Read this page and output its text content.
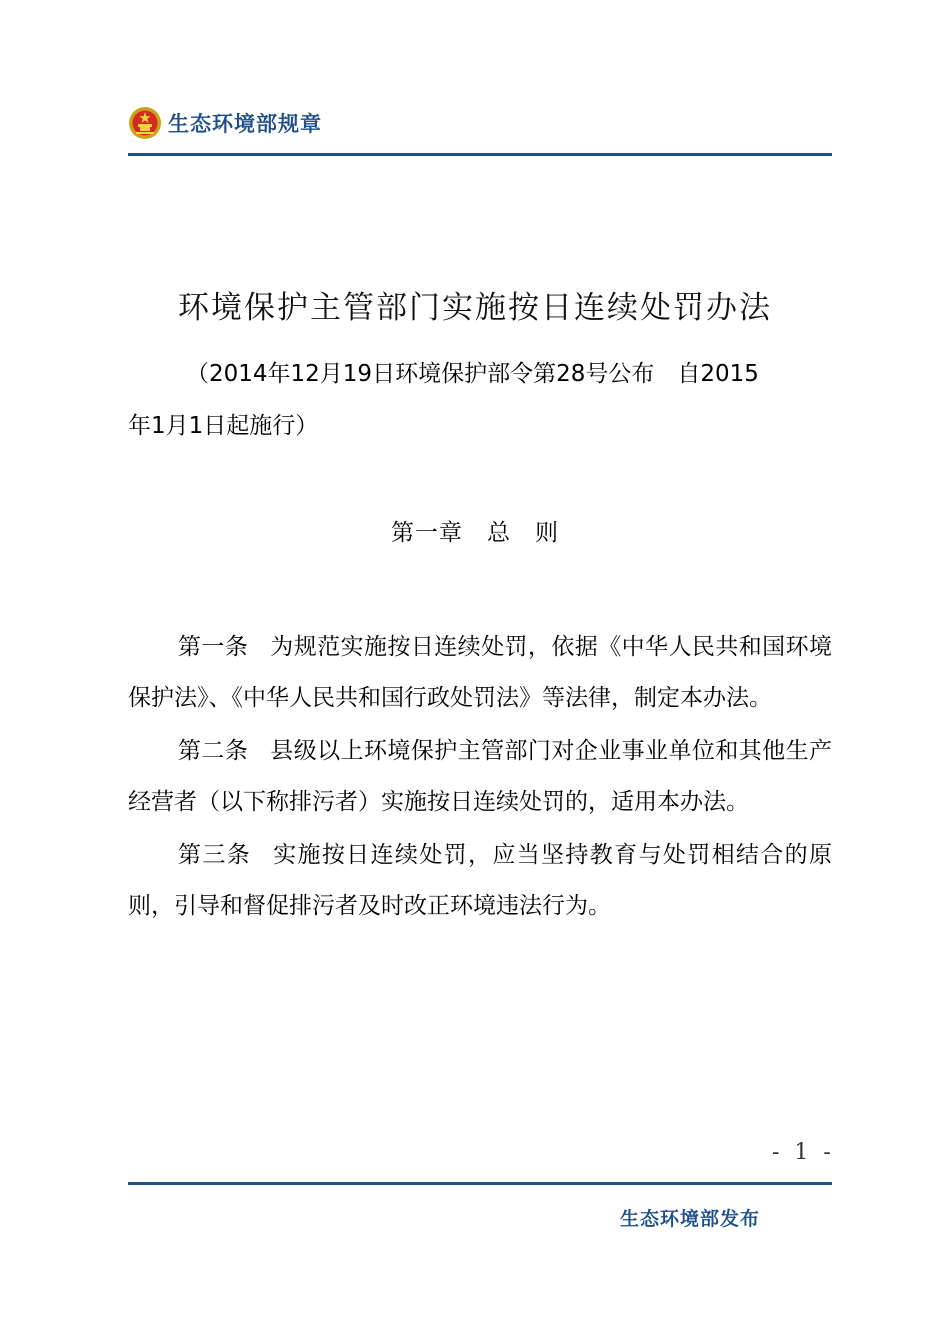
生态环境部规章
环境保护主管部门实施按日连续处罚办法
（2014年12月19日环境保护部令第28号公布　自2015
年1月1日起施行）
第一章　总　则

第一条 为规范实施按日连续处罚，依据《中华人民共和国环境保护法》、《中华人民共和国行政处罚法》等法律，制定本办法。

第二条 县级以上环境保护主管部门对企业事业单位和其他生产经营者（以下称排污者）实施按日连续处罚的，适用本办法。

第三条 实施按日连续处罚，应当坚持教育与处罚相结合的原则，引导和督促排污者及时改正环境违法行为。

- 1 -
生态环境部发布
